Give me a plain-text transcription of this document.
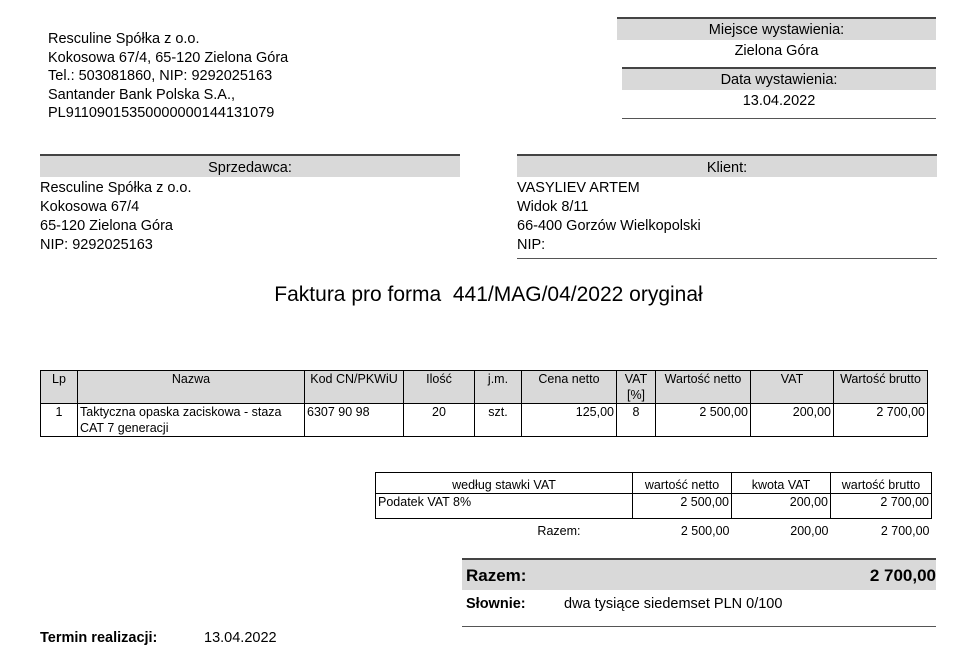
Resculine Spółka z o.o.
Kokosowa 67/4, 65-120 Zielona Góra
Tel.: 503081860, NIP: 9292025163
Santander Bank Polska S.A.,
PL91109015350000000144131079
Miejsce wystawienia:
Zielona Góra
Data wystawienia:
13.04.2022
Sprzedawca:
Resculine Spółka z o.o.
Kokosowa 67/4
65-120 Zielona Góra
NIP: 9292025163
Klient:
VASYLIEV ARTEM
Widok 8/11
66-400 Gorzów Wielkopolski
NIP:
Faktura pro forma  441/MAG/04/2022 oryginał
Lp	Nazwa	Kod CN/PKWiU	Ilość	j.m.	Cena netto	VAT [%]	Wartość netto	VAT	Wartość brutto
1	Taktyczna opaska zaciskowa - staza CAT 7 generacji	6307 90 98	20	szt.	125,00	8	2 500,00	200,00	2 700,00
według stawki VAT	wartość netto	kwota VAT	wartość brutto
Podatek VAT 8%	2 500,00	200,00	2 700,00
Razem:	2 500,00	200,00	2 700,00
Razem:	2 700,00
Słownie:	dwa tysiące siedemset PLN 0/100
Termin realizacji:	13.04.2022
